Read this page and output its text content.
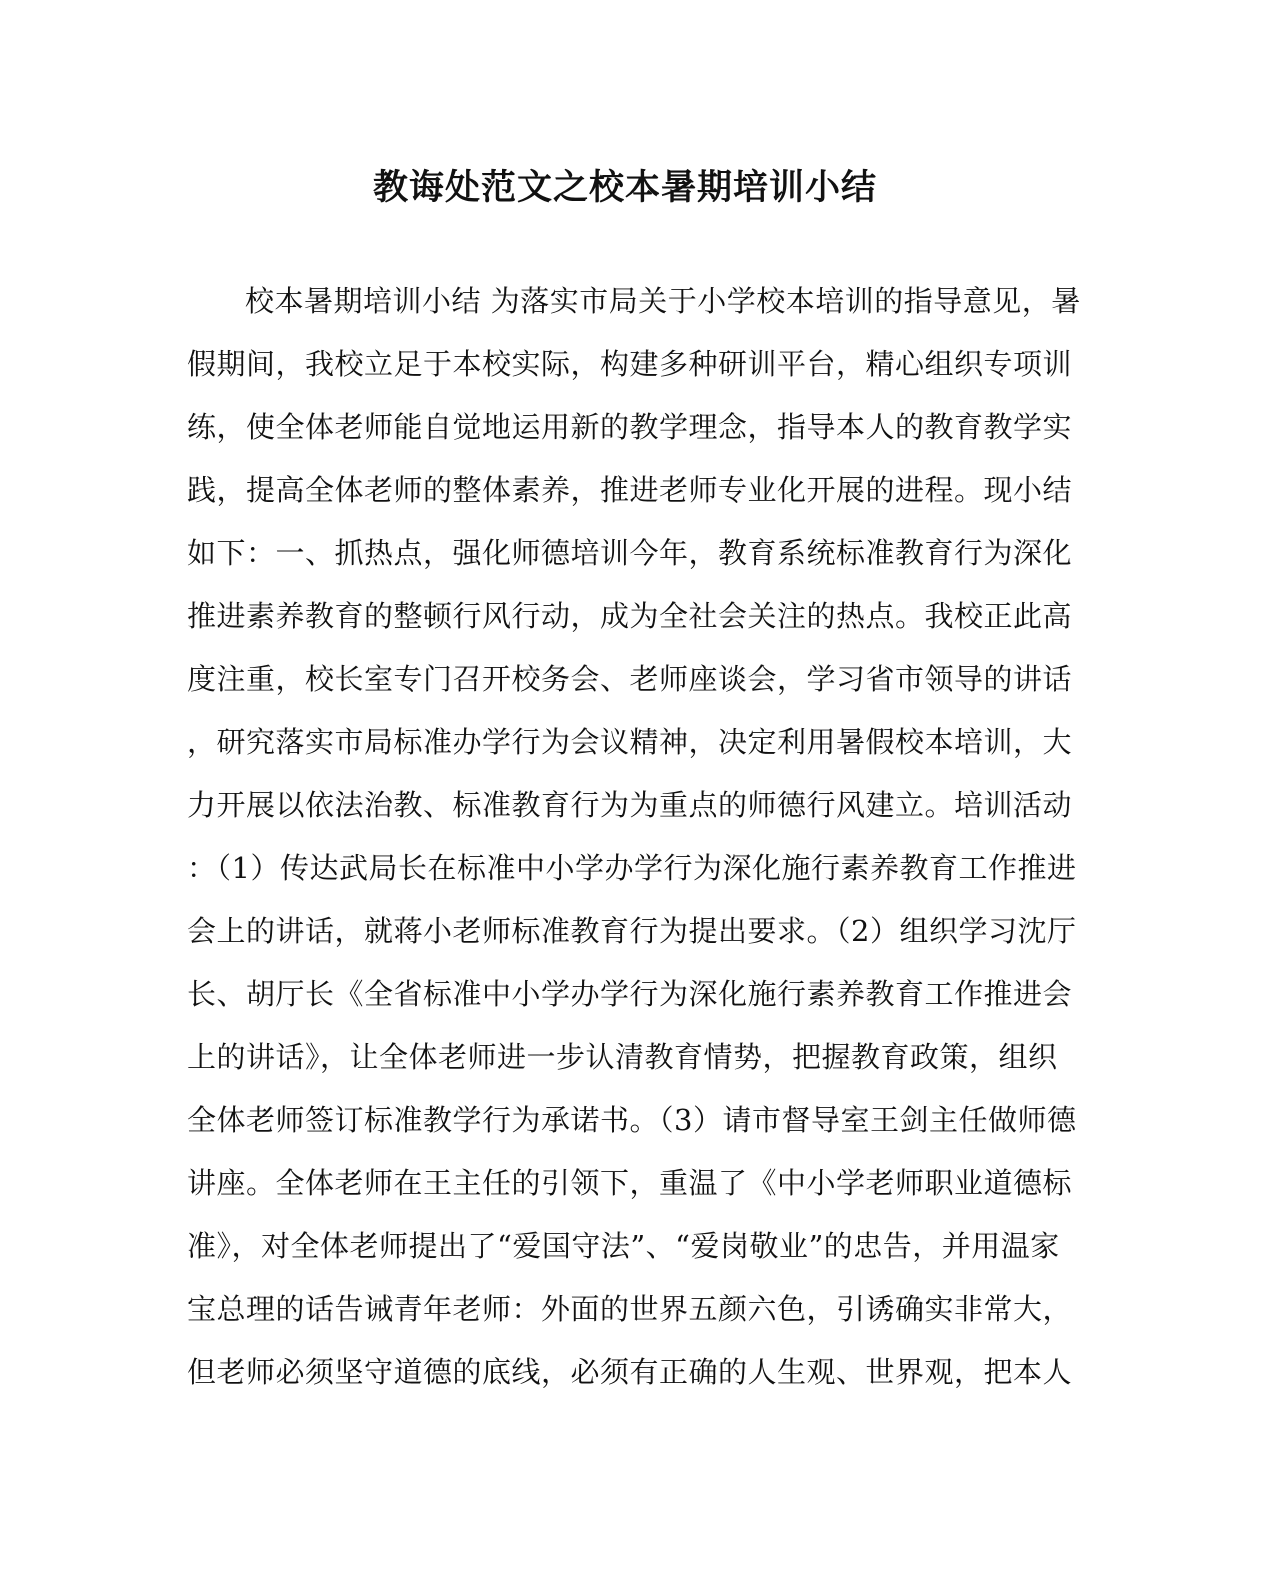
教诲处范文之校本暑期培训小结
校本暑期培训小结 为落实市局关于小学校本培训的指导意见，暑
假期间，我校立足于本校实际，构建多种研训平台，精心组织专项训
练，使全体老师能自觉地运用新的教学理念，指导本人的教育教学实
践，提高全体老师的整体素养，推进老师专业化开展的进程。现小结
如下：一、抓热点，强化师德培训今年，教育系统标准教育行为深化
推进素养教育的整顿行风行动，成为全社会关注的热点。我校正此高
度注重，校长室专门召开校务会、老师座谈会，学习省市领导的讲话
，研究落实市局标准办学行为会议精神，决定利用暑假校本培训，大
力开展以依法治教、标准教育行为为重点的师德行风建立。培训活动
：（1）传达武局长在标准中小学办学行为深化施行素养教育工作推进
会上的讲话，就蒋小老师标准教育行为提出要求。（2）组织学习沈厅
长、胡厅长《全省标准中小学办学行为深化施行素养教育工作推进会
上的讲话》，让全体老师进一步认清教育情势，把握教育政策，组织
全体老师签订标准教学行为承诺书。（3）请市督导室王剑主任做师德
讲座。全体老师在王主任的引领下，重温了《中小学老师职业道德标
准》，对全体老师提出了“爱国守法”、“爱岗敬业”的忠告，并用温家
宝总理的话告诫青年老师：外面的世界五颜六色，引诱确实非常大，
但老师必须坚守道德的底线，必须有正确的人生观、世界观，把本人
